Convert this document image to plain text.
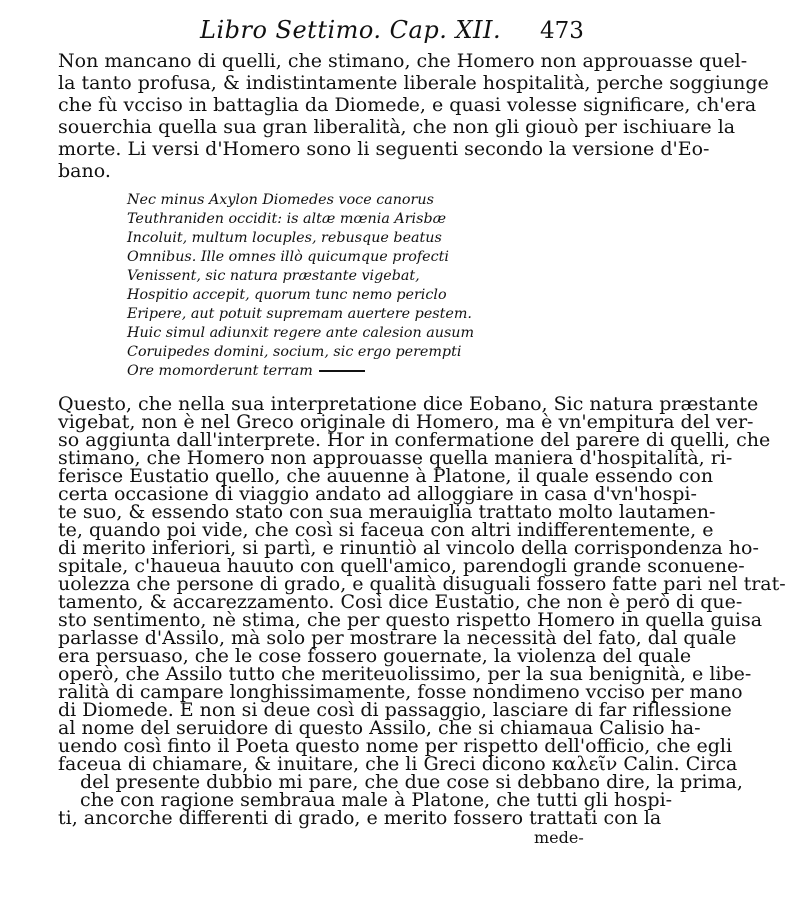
Libro Settimo. Cap. XII. 473
Non mancano di quelli, che stimano, che Homero non approuasse quel-
la tanto profusa, & indistintamente liberale hospitalità, perche soggiunge
che fù vcciso in battaglia da Diomede, e quasi volesse significare, ch'era
souerchia quella sua gran liberalità, che non gli giouò per ischiuare la
morte. Li versi d'Homero sono li seguenti secondo la versione d'Eo-
bano.
Nec minus Axylon Diomedes voce canorus
Teuthraniden occidit: is altæ mœnia Arisbæ
Incoluit, multum locuples, rebusque beatus
Omnibus. Ille omnes illò quicumque profecti
Venissent, sic natura præstante vigebat,
Hospitio accepit, quorum tunc nemo periclo
Eripere, aut potuit supremam auertere pestem.
Huic simul adiunxit regere ante calesion ausum
Coruipedes domini, socium, sic ergo perempti
Ore momorderunt terram
Questo, che nella sua interpretatione dice Eobano, Sic natura præstante
vigebat, non è nel Greco originale di Homero, ma è vn'empitura del ver-
so aggiunta dall'interprete. Hor in confermatione del parere di quelli, che
stimano, che Homero non approuasse quella maniera d'hospitalità, ri-
ferisce Eustatio quello, che auuenne à Platone, il quale essendo con
certa occasione di viaggio andato ad alloggiare in casa d'vn'hospi-
te suo, & essendo stato con sua merauiglia trattato molto lautamen-
te, quando poi vide, che così si faceua con altri indifferentemente, e
di merito inferiori, si partì, e rinuntiò al vincolo della corrispondenza ho-
spitale, c'haueua hauuto con quell'amico, parendogli grande sconuene-
uolezza che persone di grado, e qualità disuguali fossero fatte pari nel trat-
tamento, & accarezzamento. Così dice Eustatio, che non è però di que-
sto sentimento, nè stima, che per questo rispetto Homero in quella guisa
parlasse d'Assilo, mà solo per mostrare la necessità del fato, dal quale
era persuaso, che le cose fossero gouernate, la violenza del quale
operò, che Assilo tutto che meriteuolissimo, per la sua benignità, e libe-
ralità di campare longhissimamente, fosse nondimeno vcciso per mano
di Diomede. E non si deue così di passaggio, lasciare di far riflessione
al nome del seruidore di questo Assilo, che si chiamaua Calisio ha-
uendo così finto il Poeta questo nome per rispetto dell'officio, che egli
faceua di chiamare, & inuitare, che li Greci dicono καλεῖν Calin. Circa
del presente dubbio mi pare, che due cose si debbano dire, la prima,
che con ragione sembraua male à Platone, che tutti gli hospi-
ti, ancorche differenti di grado, e merito fossero trattati con la
mede-
